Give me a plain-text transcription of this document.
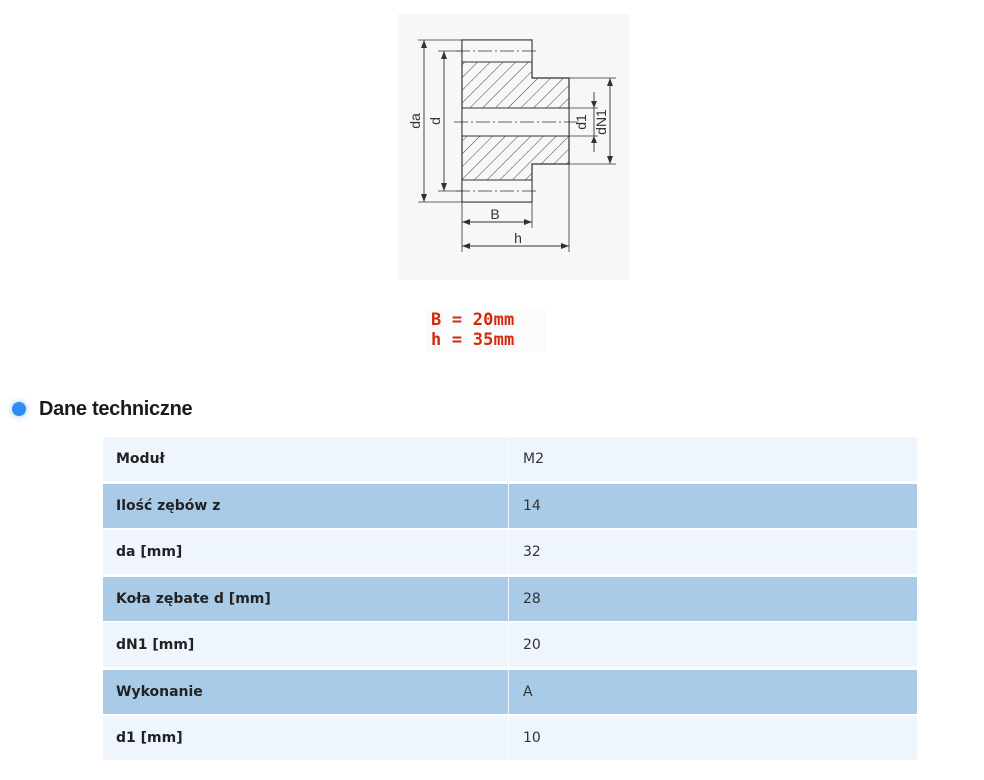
da d	d1 dN1
B
h
B = 20mm
h = 35mm
Dane techniczne
Moduł	M2
Ilość zębów z	14
da [mm]	32
Koła zębate d [mm]	28
dN1 [mm]	20
Wykonanie	A
d1 [mm]	10
